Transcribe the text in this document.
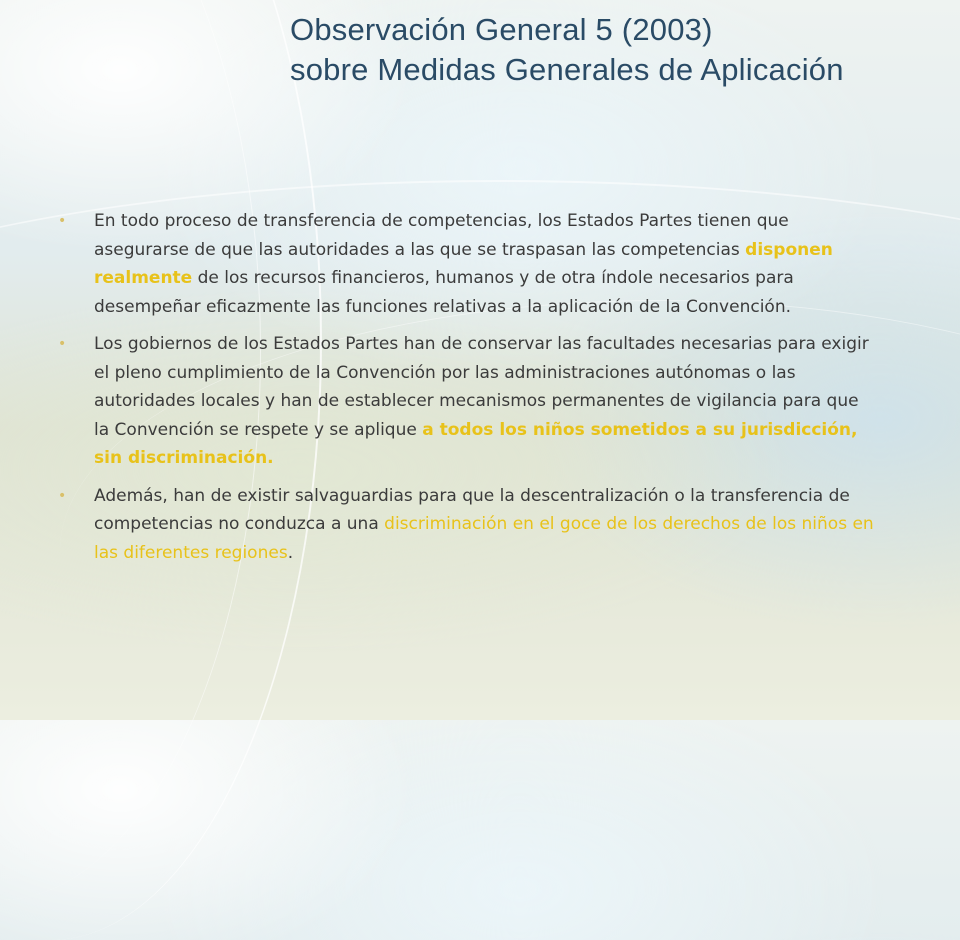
Observación General 5 (2003)
sobre Medidas Generales de Aplicación
•	En todo proceso de transferencia de competencias, los Estados Partes tienen que asegurarse de que las autoridades a las que se traspasan las competencias disponen realmente de los recursos financieros, humanos y de otra índole necesarios para desempeñar eficazmente las funciones relativas a la aplicación de la Convención.
•	Los gobiernos de los Estados Partes han de conservar las facultades necesarias para exigir el pleno cumplimiento de la Convención por las administraciones autónomas o las autoridades locales y han de establecer mecanismos permanentes de vigilancia para que la Convención se respete y se aplique a todos los niños sometidos a su jurisdicción, sin discriminación.
•	Además, han de existir salvaguardias para que la descentralización o la transferencia de competencias no conduzca a una discriminación en el goce de los derechos de los niños en las diferentes regiones.
